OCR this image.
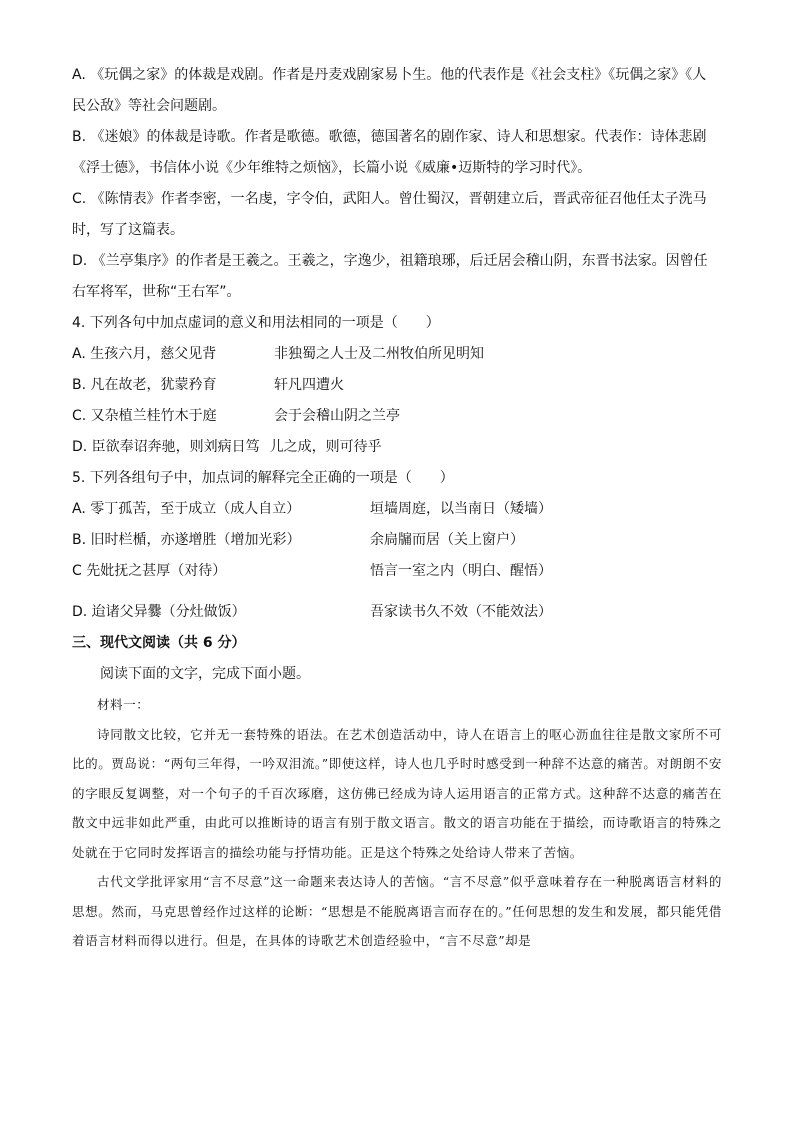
A. 《玩偶之家》的体裁是戏剧。作者是丹麦戏剧家易卜生。他的代表作是《社会支柱》《玩偶之家》《人
民公敌》等社会问题剧。
B. 《迷娘》的体裁是诗歌。作者是歌德。歌德，德国著名的剧作家、诗人和思想家。代表作：诗体悲剧
《浮士德》，书信体小说《少年维特之烦恼》，长篇小说《威廉•迈斯特的学习时代》。
C. 《陈情表》作者李密，一名虔，字令伯，武阳人。曾仕蜀汉，晋朝建立后，晋武帝征召他任太子洗马
时，写了这篇表。
D. 《兰亭集序》的作者是王羲之。王羲之，字逸少，祖籍琅琊，后迁居会稽山阴，东晋书法家。因曾任
右军将军，世称“王右军”。
4. 下列各句中加点虚词的意义和用法相同的一项是（　　）
A. 生孩六月，慈父见背	非独蜀之人士及二州牧伯所见明知
B. 凡在故老，犹蒙矜育	轩凡四遭火
C. 又杂植兰桂竹木于庭	会于会稽山阴之兰亭
D. 臣欲奉诏奔驰，则刘病日笃 儿之成，则可待乎
5. 下列各组句子中，加点词的解释完全正确的一项是（　　）
A. 零丁孤苦，至于成立（成人自立）	垣墙周庭，以当南日（矮墙）
B. 旧时栏楯，亦遂增胜（增加光彩）	余扃牖而居（关上窗户）
C 先妣抚之甚厚（对待）	悟言一室之内（明白、醒悟）
D. 迨诸父异爨（分灶做饭）	吾家读书久不效（不能效法）
三、现代文阅读（共 6 分）
阅读下面的文字，完成下面小题。

材料一：

诗同散文比较，它并无一套特殊的语法。在艺术创造活动中，诗人在语言上的呕心沥血往往是散文家所不可比的。贾岛说：“两句三年得，一吟双泪流。”即使这样，诗人也几乎时时感受到一种辞不达意的痛苦。对朗朗不安的字眼反复调整，对一个句子的千百次琢磨，这仿佛已经成为诗人运用语言的正常方式。这种辞不达意的痛苦在散文中远非如此严重，由此可以推断诗的语言有别于散文语言。散文的语言功能在于描绘，而诗歌语言的特殊之处就在于它同时发挥语言的描绘功能与抒情功能。正是这个特殊之处给诗人带来了苦恼。

古代文学批评家用“言不尽意”这一命题来表达诗人的苦恼。“言不尽意”似乎意味着存在一种脱离语言材料的思想。然而，马克思曾经作过这样的论断：“思想是不能脱离语言而存在的。”任何思想的发生和发展，都只能凭借着语言材料而得以进行。但是，在具体的诗歌艺术创造经验中，“言不尽意”却是
